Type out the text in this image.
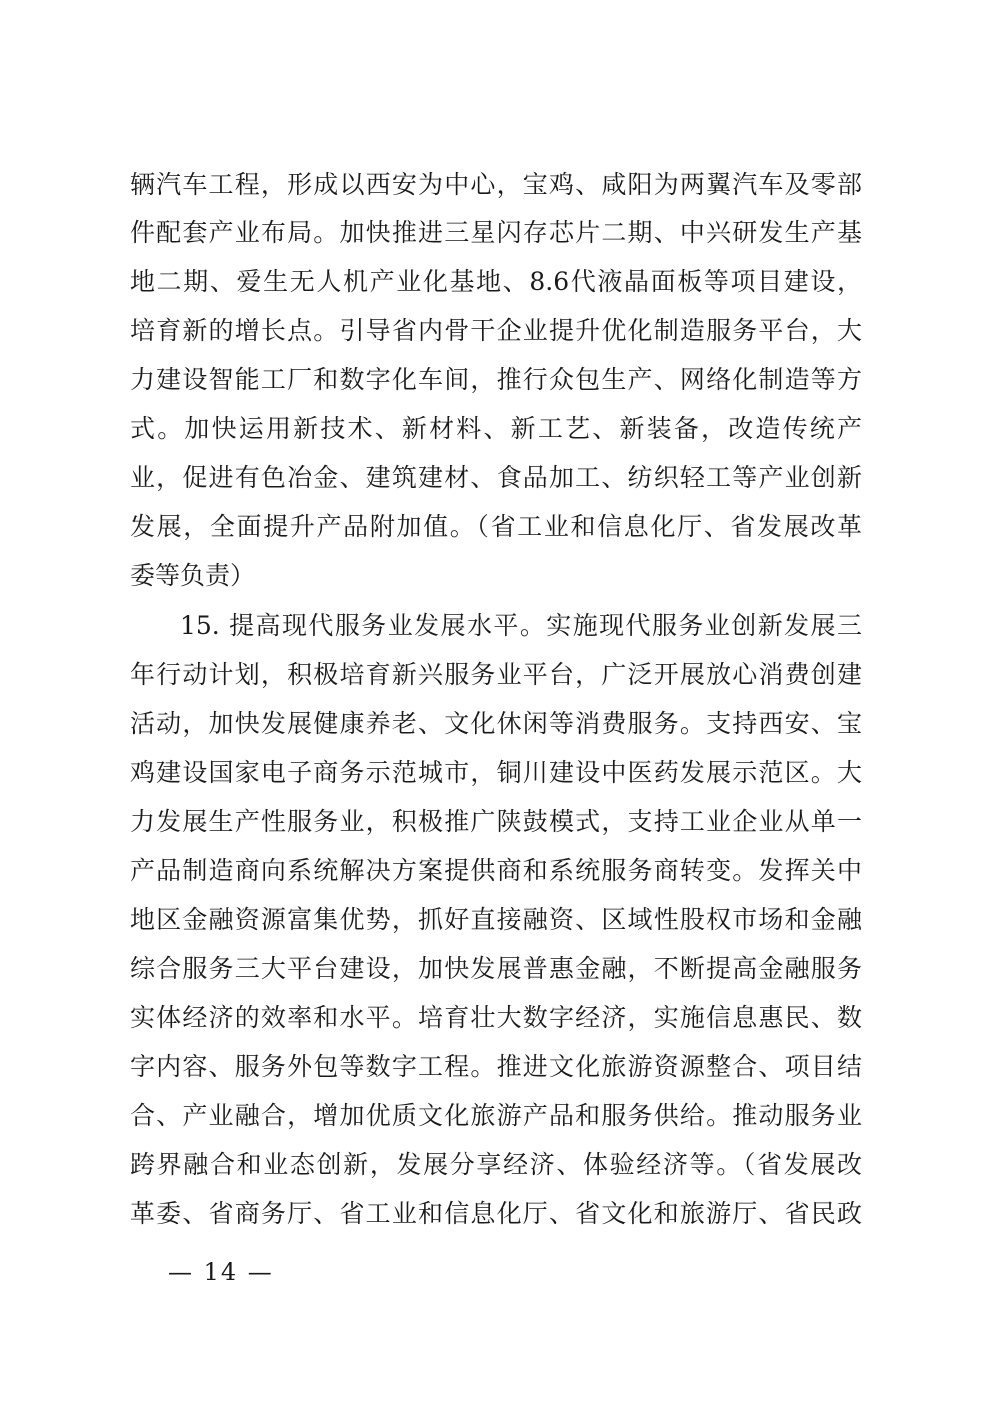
辆汽车工程，形成以西安为中心，宝鸡、咸阳为两翼汽车及零部
件配套产业布局。加快推进三星闪存芯片二期、中兴研发生产基
地二期、爱生无人机产业化基地、8.6代液晶面板等项目建设，
培育新的增长点。引导省内骨干企业提升优化制造服务平台，大
力建设智能工厂和数字化车间，推行众包生产、网络化制造等方
式。加快运用新技术、新材料、新工艺、新装备，改造传统产
业，促进有色冶金、建筑建材、食品加工、纺织轻工等产业创新
发展，全面提升产品附加值。（省工业和信息化厅、省发展改革
委等负责）
15. 提高现代服务业发展水平。实施现代服务业创新发展三
年行动计划，积极培育新兴服务业平台，广泛开展放心消费创建
活动，加快发展健康养老、文化休闲等消费服务。支持西安、宝
鸡建设国家电子商务示范城市，铜川建设中医药发展示范区。大
力发展生产性服务业，积极推广陕鼓模式，支持工业企业从单一
产品制造商向系统解决方案提供商和系统服务商转变。发挥关中
地区金融资源富集优势，抓好直接融资、区域性股权市场和金融
综合服务三大平台建设，加快发展普惠金融，不断提高金融服务
实体经济的效率和水平。培育壮大数字经济，实施信息惠民、数
字内容、服务外包等数字工程。推进文化旅游资源整合、项目结
合、产业融合，增加优质文化旅游产品和服务供给。推动服务业
跨界融合和业态创新，发展分享经济、体验经济等。（省发展改
革委、省商务厅、省工业和信息化厅、省文化和旅游厅、省民政
— 14 —
